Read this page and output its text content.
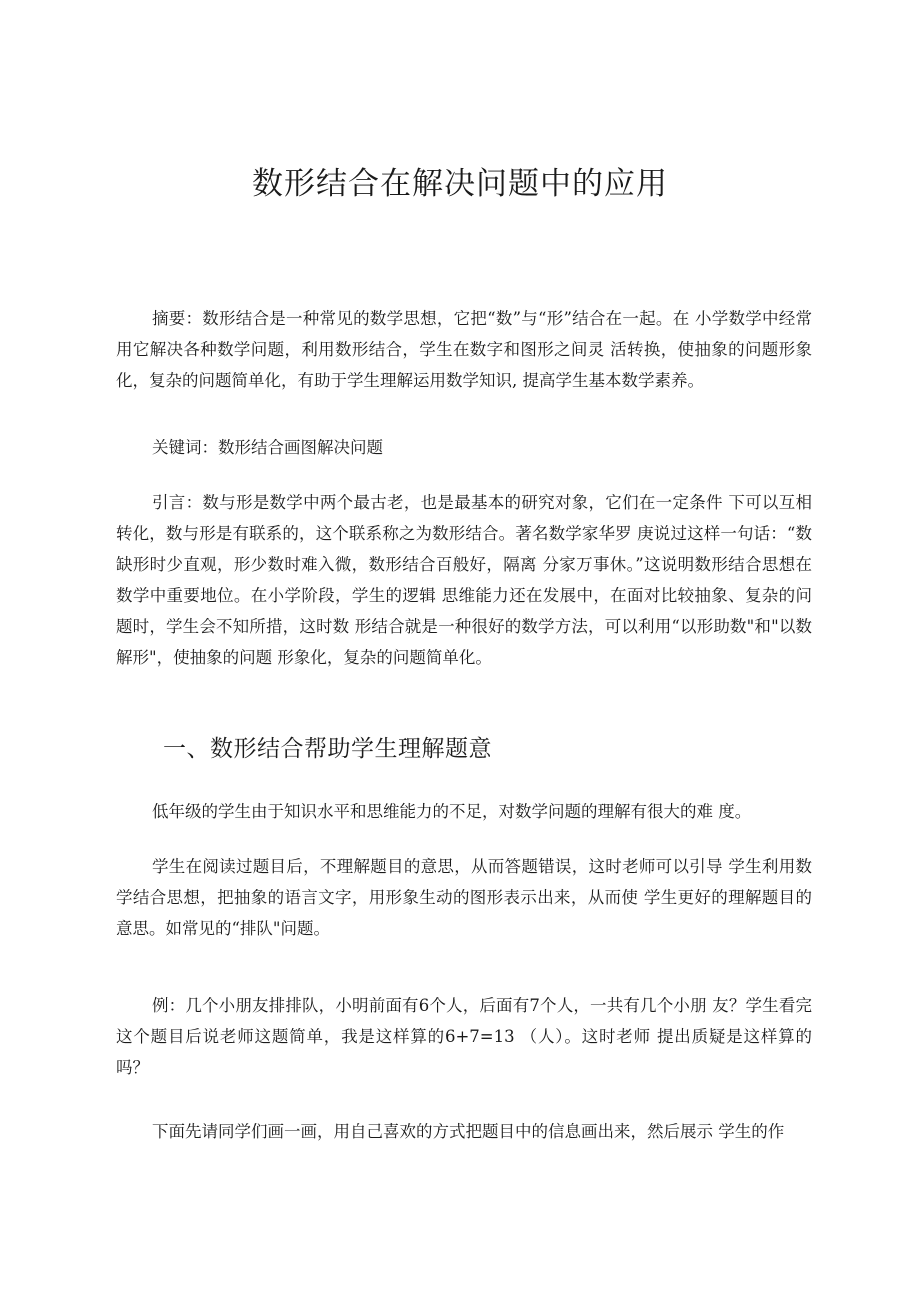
数形结合在解决问题中的应用

摘要：数形结合是一种常见的数学思想，它把“数”与“形”结合在一起。在 小学数学中经常用它解决各种数学问题，利用数形结合，学生在数字和图形之间灵 活转换，使抽象的问题形象化，复杂的问题简单化，有助于学生理解运用数学知识, 提高学生基本数学素养。

关键词：数形结合画图解决问题

引言：数与形是数学中两个最古老，也是最基本的研究对象，它们在一定条件 下可以互相转化，数与形是有联系的，这个联系称之为数形结合。著名数学家华罗 庚说过这样一句话：“数缺形时少直观，形少数时难入微，数形结合百般好，隔离 分家万事休。”这说明数形结合思想在数学中重要地位。在小学阶段，学生的逻辑 思维能力还在发展中，在面对比较抽象、复杂的问题时，学生会不知所措，这时数 形结合就是一种很好的数学方法，可以利用“以形助数"和"以数解形"，使抽象的问题 形象化，复杂的问题简单化。

一、数形结合帮助学生理解题意

低年级的学生由于知识水平和思维能力的不足，对数学问题的理解有很大的难 度。

学生在阅读过题目后，不理解题目的意思，从而答题错误，这时老师可以引导 学生利用数学结合思想，把抽象的语言文字，用形象生动的图形表示出来，从而使 学生更好的理解题目的意思。如常见的“排队"问题。

例：几个小朋友排排队，小明前面有6个人，后面有7个人，一共有几个小朋 友？学生看完这个题目后说老师这题简单，我是这样算的6+7=13 （人）。这时老师 提出质疑是这样算的吗？

下面先请同学们画一画，用自己喜欢的方式把题目中的信息画出来，然后展示 学生的作
